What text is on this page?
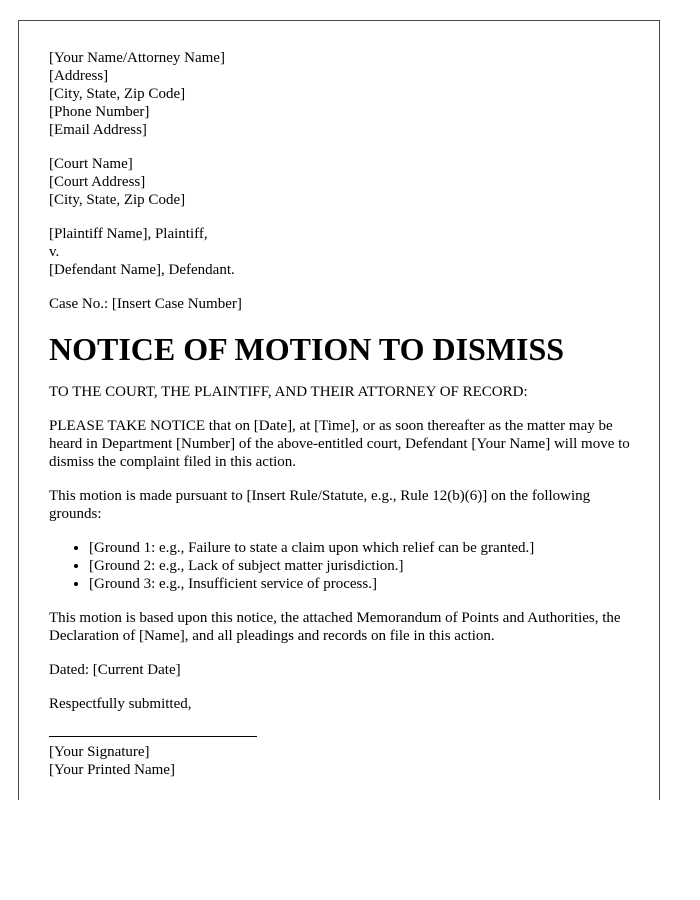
[Your Name/Attorney Name]
[Address]
[City, State, Zip Code]
[Phone Number]
[Email Address]
[Court Name]
[Court Address]
[City, State, Zip Code]
[Plaintiff Name], Plaintiff,
v.
[Defendant Name], Defendant.

Case No.: [Insert Case Number]

NOTICE OF MOTION TO DISMISS

TO THE COURT, THE PLAINTIFF, AND THEIR ATTORNEY OF RECORD:

PLEASE TAKE NOTICE that on [Date], at [Time], or as soon thereafter as the matter may be heard in Department [Number] of the above-entitled court, Defendant [Your Name] will move to dismiss the complaint filed in this action.

This motion is made pursuant to [Insert Rule/Statute, e.g., Rule 12(b)(6)] on the following grounds:

• [Ground 1: e.g., Failure to state a claim upon which relief can be granted.]
• [Ground 2: e.g., Lack of subject matter jurisdiction.]
• [Ground 3: e.g., Insufficient service of process.]

This motion is based upon this notice, the attached Memorandum of Points and Authorities, the Declaration of [Name], and all pleadings and records on file in this action.

Dated: [Current Date]

Respectfully submitted,

[Your Signature]
[Your Printed Name]
